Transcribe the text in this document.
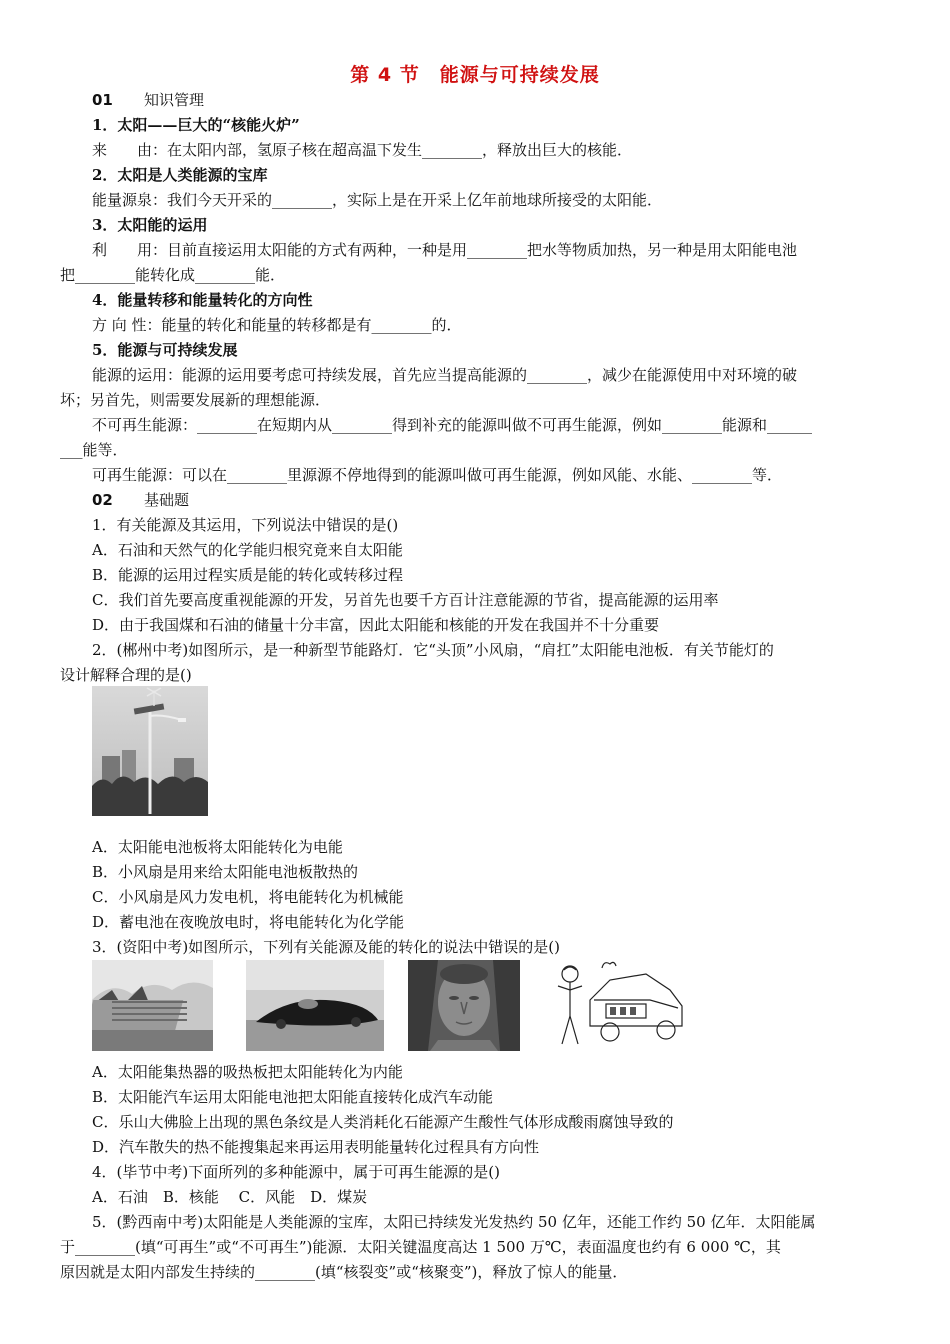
第 4 节　能源与可持续发展
01 知识管理
1．太阳——巨大的“核能火炉”
来　　由：在太阳内部，氢原子核在超高温下发生________，释放出巨大的核能．
2．太阳是人类能源的宝库
能量源泉：我们今天开采的________，实际上是在开采上亿年前地球所接受的太阳能．
3．太阳能的运用
利　　用：目前直接运用太阳能的方式有两种，一种是用________把水等物质加热，另一种是用太阳能电池
把________能转化成________能．
4．能量转移和能量转化的方向性
方 向 性：能量的转化和能量的转移都是有________的．
5．能源与可持续发展
能源的运用：能源的运用要考虑可持续发展，首先应当提高能源的________，减少在能源使用中对环境的破
坏；另首先，则需要发展新的理想能源．
不可再生能源：________在短期内从________得到补充的能源叫做不可再生能源，例如________能源和______
___能等．
可再生能源：可以在________里源源不停地得到的能源叫做可再生能源，例如风能、水能、________等．
02 基础题
1．有关能源及其运用，下列说法中错误的是()
A．石油和天然气的化学能归根究竟来自太阳能
B．能源的运用过程实质是能的转化或转移过程
C．我们首先要高度重视能源的开发，另首先也要千方百计注意能源的节省，提高能源的运用率
D．由于我国煤和石油的储量十分丰富，因此太阳能和核能的开发在我国并不十分重要
2．(郴州中考)如图所示，是一种新型节能路灯．它“头顶”小风扇，“肩扛”太阳能电池板．有关节能灯的
设计解释合理的是()
A．太阳能电池板将太阳能转化为电能
B．小风扇是用来给太阳能电池板散热的
C．小风扇是风力发电机，将电能转化为机械能
D．蓄电池在夜晚放电时，将电能转化为化学能
3．(资阳中考)如图所示，下列有关能源及能的转化的说法中错误的是()
A．太阳能集热器的吸热板把太阳能转化为内能
B．太阳能汽车运用太阳能电池把太阳能直接转化成汽车动能
C．乐山大佛脸上出现的黑色条纹是人类消耗化石能源产生酸性气体形成酸雨腐蚀导致的
D．汽车散失的热不能搜集起来再运用表明能量转化过程具有方向性
4．(毕节中考)下面所列的多种能源中，属于可再生能源的是()
A．石油　B．核能　 C．风能　D．煤炭
5．(黔西南中考)太阳能是人类能源的宝库，太阳已持续发光发热约 50 亿年，还能工作约 50 亿年．太阳能属
于________(填“可再生”或“不可再生”)能源．太阳关键温度高达 1 500 万℃，表面温度也约有 6 000 ℃，其
原因就是太阳内部发生持续的________(填“核裂变”或“核聚变”)，释放了惊人的能量．
